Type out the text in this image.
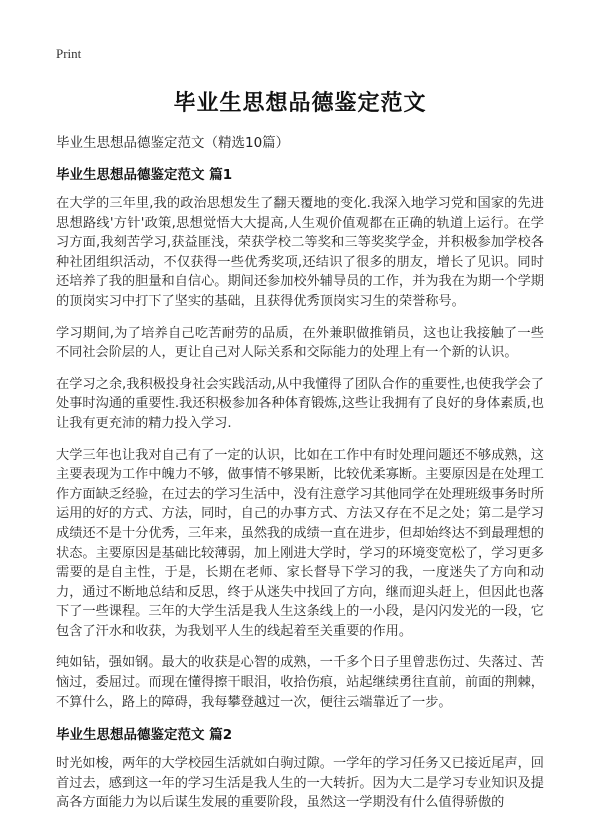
Print
毕业生思想品德鉴定范文
毕业生思想品德鉴定范文（精选10篇）
毕业生思想品德鉴定范文 篇1

在大学的三年里,我的政治思想发生了翻天覆地的变化.我深入地学习党和国家的先进思想路线'方针'政策,思想觉悟大大提高,人生观价值观都在正确的轨道上运行。在学习方面,我刻苦学习,获益匪浅，荣获学校二等奖和三等奖奖学金，并积极参加学校各种社团组织活动，不仅获得一些优秀奖项,还结识了很多的朋友，增长了见识。同时还培养了我的胆量和自信心。期间还参加校外辅导员的工作，并为我在为期一个学期的顶岗实习中打下了坚实的基础，且获得优秀顶岗实习生的荣誉称号。

学习期间,为了培养自己吃苦耐劳的品质，在外兼职做推销员，这也让我接触了一些不同社会阶层的人，更让自己对人际关系和交际能力的处理上有一个新的认识。

在学习之余,我积极投身社会实践活动,从中我懂得了团队合作的重要性,也使我学会了处事时沟通的重要性.我还积极参加各种体育锻炼,这些让我拥有了良好的身体素质,也让我有更充沛的精力投入学习.

大学三年也让我对自己有了一定的认识，比如在工作中有时处理问题还不够成熟，这主要表现为工作中魄力不够，做事情不够果断，比较优柔寡断。主要原因是在处理工作方面缺乏经验，在过去的学习生活中，没有注意学习其他同学在处理班级事务时所运用的好的方式、方法，同时，自己的办事方式、方法又存在不足之处；第二是学习成绩还不是十分优秀，三年来，虽然我的成绩一直在进步，但却始终达不到最理想的状态。主要原因是基础比较薄弱，加上刚进大学时，学习的环境变宽松了，学习更多需要的是自主性，于是，长期在老师、家长督导下学习的我，一度迷失了方向和动力，通过不断地总结和反思，终于从迷失中找回了方向，继而迎头赶上，但因此也落下了一些课程。三年的大学生活是我人生这条线上的一小段，是闪闪发光的一段，它包含了汗水和收获，为我划平人生的线起着至关重要的作用。

纯如钻，强如钢。最大的收获是心智的成熟，一千多个日子里曾悲伤过、失落过、苦恼过，委屈过。而现在懂得擦干眼泪，收拾伤痕，站起继续勇往直前，前面的荆棘，不算什么，路上的障碍，我每攀登越过一次，便往云端靠近了一步。

毕业生思想品德鉴定范文 篇2

时光如梭，两年的大学校园生活就如白驹过隙。一学年的学习任务又已接近尾声，回首过去，感到这一年的学习生活是我人生的一大转折。因为大二是学习专业知识及提高各方面能力为以后谋生发展的重要阶段，虽然这一学期没有什么值得骄傲的
